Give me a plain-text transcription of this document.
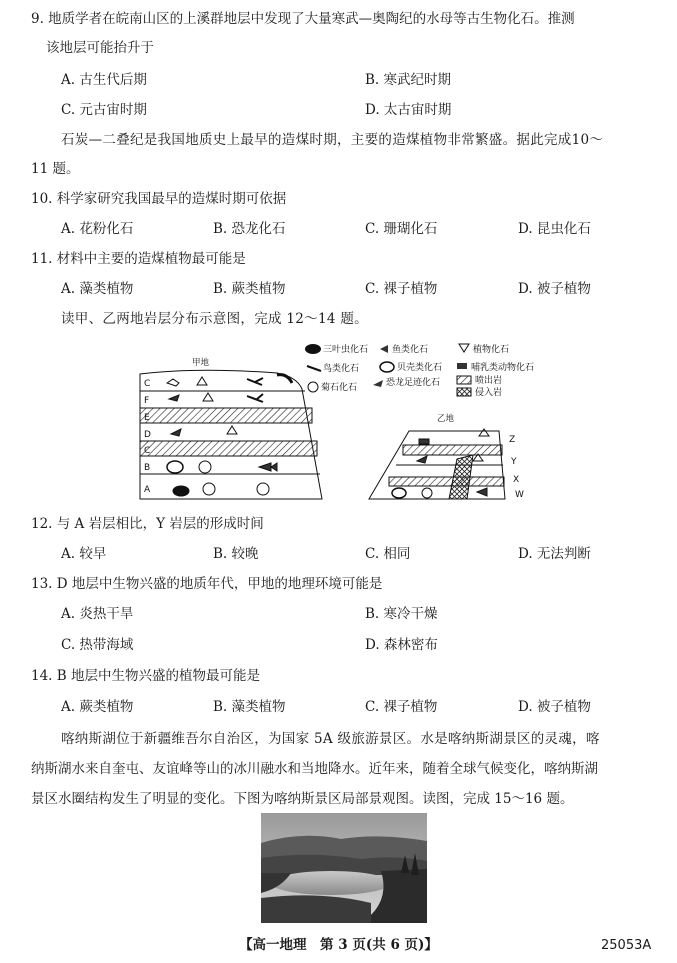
9. 地质学者在皖南山区的上溪群地层中发现了大量寒武—奥陶纪的水母等古生物化石。推测
该地层可能抬升于
A. 古生代后期	B. 寒武纪时期
C. 元古宙时期	D. 太古宙时期
石炭—二叠纪是我国地质史上最早的造煤时期，主要的造煤植物非常繁盛。据此完成10～
11 题。
10. 科学家研究我国最早的造煤时期可依据
A. 花粉化石	B. 恐龙化石	C. 珊瑚化石	D. 昆虫化石
11. 材料中主要的造煤植物最可能是
A. 藻类植物	B. 蕨类植物	C. 裸子植物	D. 被子植物
读甲、乙两地岩层分布示意图，完成 12～14 题。
甲地
C
F
E
D
C
B
A
三叶虫化石	鱼类化石	植物化石
鸟类化石	贝壳类化石	哺乳类动物化石
菊石化石	恐龙足迹化石	喷出岩
侵入岩
乙地
Z
Y
X
W
12. 与 A 岩层相比，Y 岩层的形成时间
A. 较早	B. 较晚	C. 相同	D. 无法判断
13. D 地层中生物兴盛的地质年代，甲地的地理环境可能是
A. 炎热干旱	B. 寒冷干燥
C. 热带海域	D. 森林密布
14. B 地层中生物兴盛的植物最可能是
A. 蕨类植物	B. 藻类植物	C. 裸子植物	D. 被子植物
喀纳斯湖位于新疆维吾尔自治区，为国家 5A 级旅游景区。水是喀纳斯湖景区的灵魂，喀
纳斯湖水来自奎屯、友谊峰等山的冰川融水和当地降水。近年来，随着全球气候变化，喀纳斯湖
景区水圈结构发生了明显的变化。下图为喀纳斯景区局部景观图。读图，完成 15～16 题。
【高一地理　第 3 页(共 6 页)】	25053A
